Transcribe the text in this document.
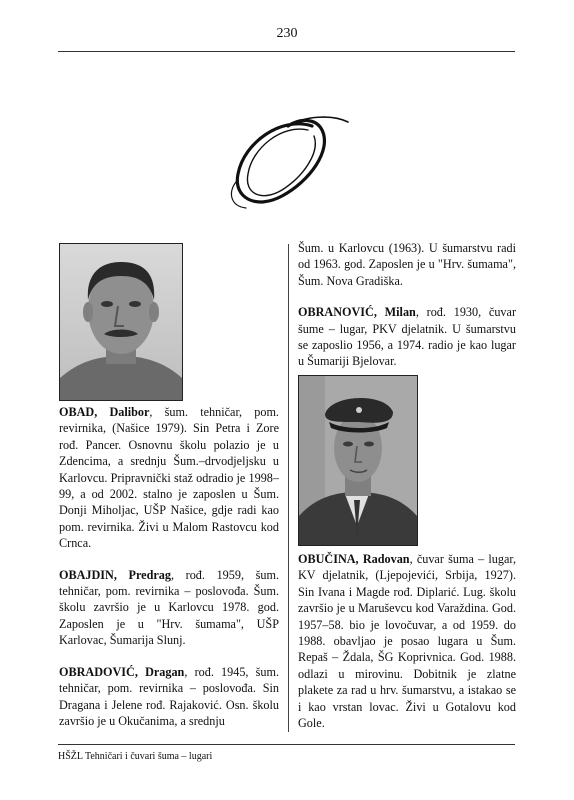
230

OBAD, Dalibor, šum. tehničar, pom. revirnika, (Našice 1979). Sin Petra i Zore rođ. Pancer. Osnovnu školu polazio je u Zdencima, a srednju Šum.–drvodjeljsku u Karlovcu. Pripravnički staž odradio je 1998–99, a od 2002. stalno je zaposlen u Šum. Donji Miholjac, UŠP Našice, gdje radi kao pom. revirnika. Živi u Malom Rastovcu kod Crnca.

OBAJDIN, Predrag, rođ. 1959, šum. tehničar, pom. revirnika – poslovođa. Šum. školu završio je u Karlovcu 1978. god. Zaposlen je u "Hrv. šumama", UŠP Karlovac, Šumarija Slunj.

OBRADOVIĆ, Dragan, rođ. 1945, šum. tehničar, pom. revirnika – poslovođa. Sin Dragana i Jelene rođ. Rajaković. Osn. školu završio je u Okučanima, a srednju

Šum. u Karlovcu (1963). U šumarstvu radi od 1963. god. Zaposlen je u "Hrv. šumama", Šum. Nova Gradiška.

OBRANOVIĆ, Milan, rođ. 1930, čuvar šume – lugar, PKV djelatnik. U šumarstvu se zaposlio 1956, a 1974. radio je kao lugar u Šumariji Bjelovar.

OBUČINA, Radovan, čuvar šuma – lugar, KV djelatnik, (Ljepojevići, Srbija, 1927). Sin Ivana i Magde rođ. Diplarić. Lug. školu završio je u Maruševcu kod Varaždina. God. 1957–58. bio je lovočuvar, a od 1959. do 1988. obavljao je posao lugara u Šum. Repaš – Ždala, ŠG Koprivnica. God. 1988. odlazi u mirovinu. Dobitnik je zlatne plakete za rad u hrv. šumarstvu, a istakao se i kao vrstan lovac. Živi u Gotalovu kod Gole.

HŠŽL Tehničari i čuvari šuma – lugari
